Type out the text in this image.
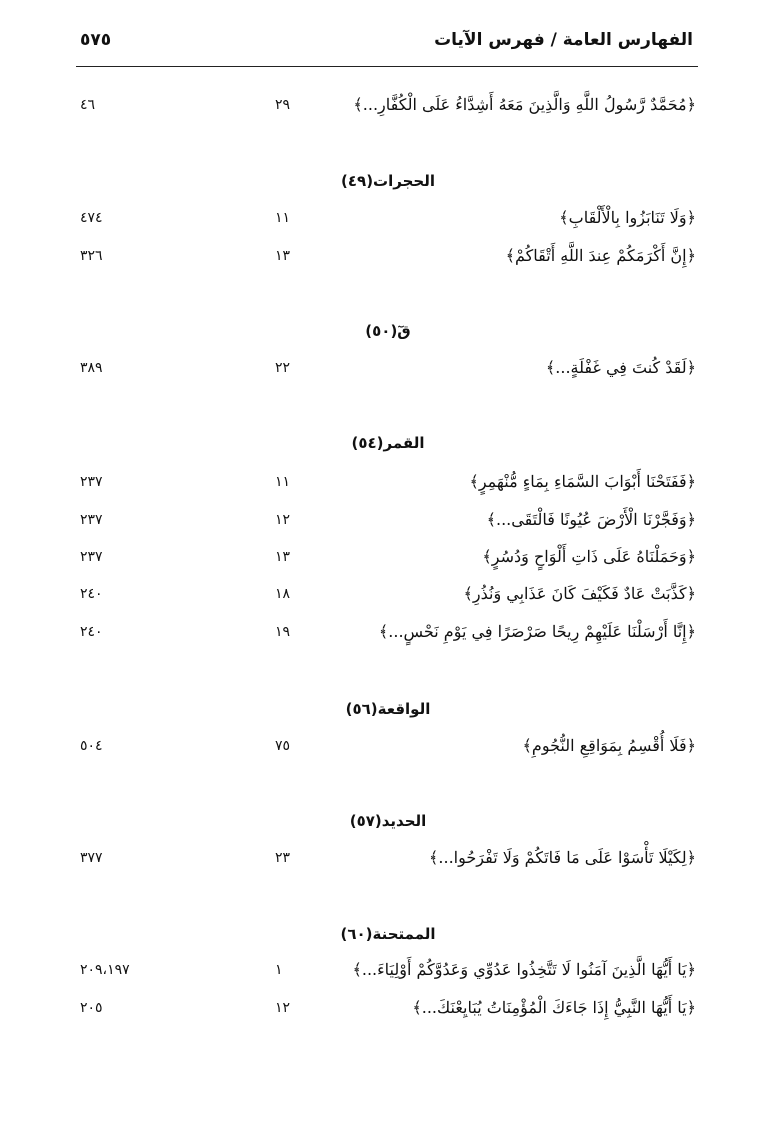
الفهارس العامة / فهرس الآيات
٥٧٥
﴿مُحَمَّدٌ رَّسُولُ اللَّهِ وَالَّذِينَ مَعَهُ أَشِدَّاءُ عَلَى الْكُفَّارِ...﴾
٢٩
٤٦
الحجرات(٤٩)
﴿وَلَا تَنَابَزُوا بِالْأَلْقَابِ﴾
١١
٤٧٤
﴿إِنَّ أَكْرَمَكُمْ عِندَ اللَّهِ أَتْقَاكُمْ﴾
١٣
٣٢٦
قٓ(٥٠)
﴿لَقَدْ كُنتَ فِي غَفْلَةٍ...﴾
٢٢
٣٨٩
القمر(٥٤)
﴿فَفَتَحْنَا أَبْوَابَ السَّمَاءِ بِمَاءٍ مُّنْهَمِرٍ﴾
١١
٢٣٧
﴿وَفَجَّرْنَا الْأَرْضَ عُيُونًا فَالْتَقَى...﴾
١٢
٢٣٧
﴿وَحَمَلْنَاهُ عَلَى ذَاتِ أَلْوَاحٍ وَدُسُرٍ﴾
١٣
٢٣٧
﴿كَذَّبَتْ عَادٌ فَكَيْفَ كَانَ عَذَابِي وَنُذُرِ﴾
١٨
٢٤٠
﴿إِنَّا أَرْسَلْنَا عَلَيْهِمْ رِيحًا صَرْصَرًا فِي يَوْمِ نَحْسٍ...﴾
١٩
٢٤٠
الواقعة(٥٦)
﴿فَلَا أُقْسِمُ بِمَوَاقِعِ النُّجُومِ﴾
٧٥
٥٠٤
الحديد(٥٧)
﴿لِكَيْلَا تَأْسَوْا عَلَى مَا فَاتَكُمْ وَلَا تَفْرَحُوا...﴾
٢٣
٣٧٧
الممتحنة(٦٠)
﴿يَا أَيُّهَا الَّذِينَ آمَنُوا لَا تَتَّخِذُوا عَدُوِّي وَعَدُوَّكُمْ أَوْلِيَاءَ...﴾
١
٢٠٩،١٩٧
﴿يَا أَيُّهَا النَّبِيُّ إِذَا جَاءَكَ الْمُؤْمِنَاتُ يُبَايِعْنَكَ...﴾
١٢
٢٠٥
